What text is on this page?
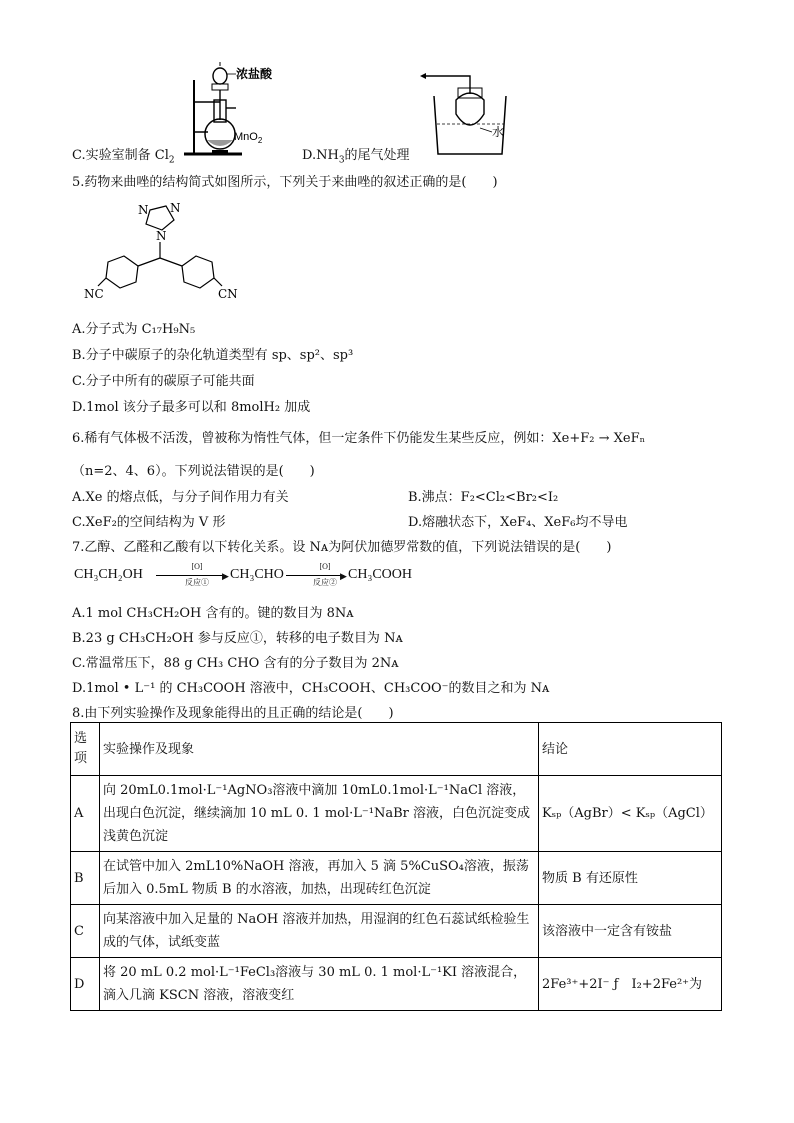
C.实验室制备 $Cl_2$
浓盐酸
MnO$_2$
$D.NH_3$的尾气处理
水
5.药物来曲唑的结构简式如图所示，下列关于来曲唑的叙述正确的是(　　)
N N
N
NC	CN
A.分子式为 C₁₇H₉N₅
B.分子中碳原子的杂化轨道类型有 sp、sp²、sp³
C.分子中所有的碳原子可能共面
D.1mol 该分子最多可以和 8molH₂ 加成
6.稀有气体极不活泼，曾被称为惰性气体，但一定条件下仍能发生某些反应，例如：Xe+F₂ → XeFₙ
（n=2、4、6）。下列说法错误的是(　　)
A.Xe 的熔点低，与分子间作用力有关	B.沸点：F₂<Cl₂<Br₂<I₂
C.XeF₂的空间结构为 V 形	D.熔融状态下，XeF₄、XeF₆均不导电
7.乙醇、乙醛和乙酸有以下转化关系。设 Nᴀ为阿伏加德罗常数的值，下列说法错误的是(　　)
CH₃CH₂OH
[O]
▶
反应①
CH₃CHO
[O]
▶
反应②
CH₃COOH
A.1 mol CH₃CH₂OH 含有的。键的数目为 8Nᴀ
B.23 g CH₃CH₂OH 参与反应①，转移的电子数目为 Nᴀ
C.常温常压下，88 g CH₃ CHO 含有的分子数目为 2Nᴀ
D.1mol • L⁻¹ 的 CH₃COOH 溶液中，CH₃COOH、CH₃COO⁻的数目之和为 Nᴀ
8.由下列实验操作及现象能得出的且正确的结论是(　　)
选项	实验操作及现象	结论
A	向 20mL0.1mol·L⁻¹AgNO₃溶液中滴加 10mL0.1mol·L⁻¹NaCl 溶液，出现白色沉淀，继续滴加 10 mL 0. 1 mol·L⁻¹NaBr 溶液，白色沉淀变成浅黄色沉淀	Kₛₚ（AgBr）< Kₛₚ（AgCl）
B	在试管中加入 2mL10%NaOH 溶液，再加入 5 滴 5%CuSO₄溶液，振荡后加入 0.5mL 物质 B 的水溶液，加热，出现砖红色沉淀	物质 B 有还原性
C	向某溶液中加入足量的 NaOH 溶液并加热，用湿润的红色石蕊试纸检验生成的气体，试纸变蓝	该溶液中一定含有铵盐
D	将 20 mL 0.2 mol·L⁻¹FeCl₃溶液与 30 mL 0. 1 mol·L⁻¹KI 溶液混合，滴入几滴 KSCN 溶液，溶液变红	2Fe³⁺+2I⁻ ƒ　I₂+2Fe²⁺为
